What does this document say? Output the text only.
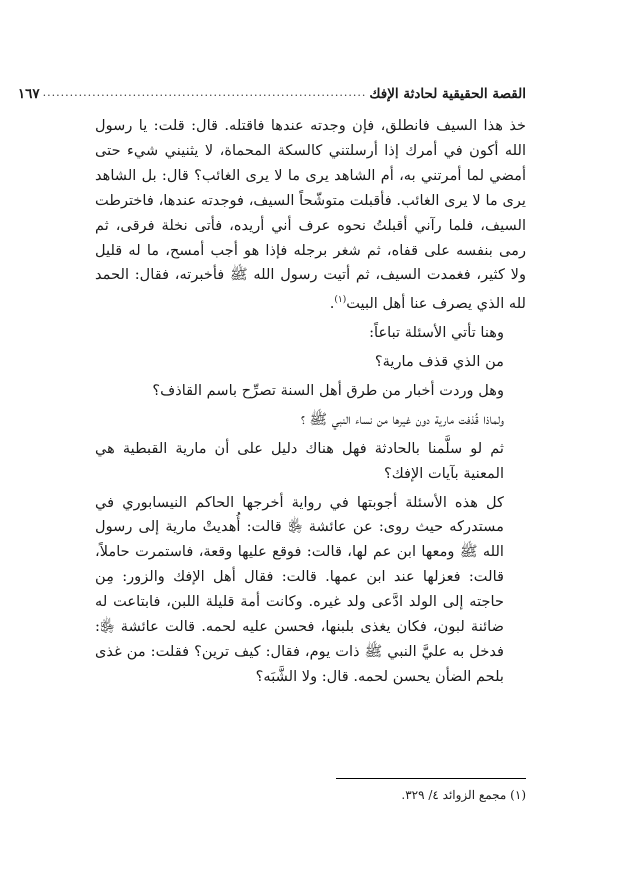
القصة الحقيقية لحادثة الإفك
........................................................................
١٦٧

خذ هذا السيف فانطلق، فإن وجدته عندها فاقتله. قال: قلت: يا رسول الله أكون في أمرك إذا أرسلتني كالسكة المحماة، لا يثنيني شيء حتى أمضي لما أمرتني به، أم الشاهد يرى ما لا يرى الغائب؟ قال: بل الشاهد يرى ما لا يرى الغائب. فأقبلت متوشّحاً السيف، فوجدته عندها، فاخترطت السيف، فلما رآني أقبلتُ نحوه عرف أني أريده، فأتى نخلة فرقى، ثم رمى بنفسه على قفاه، ثم شغر برجله فإذا هو أجب أمسح، ما له قليل ولا كثير، فغمدت السيف، ثم أتيت رسول الله ﷺ فأخبرته، فقال: الحمد لله الذي يصرف عنا أهل البيت$^{(١)}$.

وهنا تأتي الأسئلة تباعاً:

من الذي قذف مارية؟

وهل وردت أخبار من طرق أهل السنة تصرِّح باسم القاذف؟

ولماذا قُذفت مارية دون غيرها من نساء النبي ﷺ ؟

ثم لو سلَّمنا بالحادثة فهل هناك دليل على أن مارية القبطية هي المعنية بآيات الإفك؟

كل هذه الأسئلة أجوبتها في رواية أخرجها الحاكم النيسابوري في مستدركه حيث روى: عن عائشة ﵂ قالت: أُهديتْ مارية إلى رسول الله ﷺ ومعها ابن عم لها، قالت: فوقع عليها وقعة، فاستمرت حاملاً، قالت: فعزلها عند ابن عمها. قالت: فقال أهل الإفك والزور: مِن حاجته إلى الولد ادَّعى ولد غيره. وكانت أمة قليلة اللبن، فابتاعت له ضائنة لبون، فكان يغذى بلبنها، فحسن عليه لحمه. قالت عائشة ﵂: فدخل به عليَّ النبي ﷺ ذات يوم، فقال: كيف ترين؟ فقلت: من غذى بلحم الضأن يحسن لحمه. قال: ولا الشَّبَه؟

(١) مجمع الزوائد ٤/ ٣٢٩.
